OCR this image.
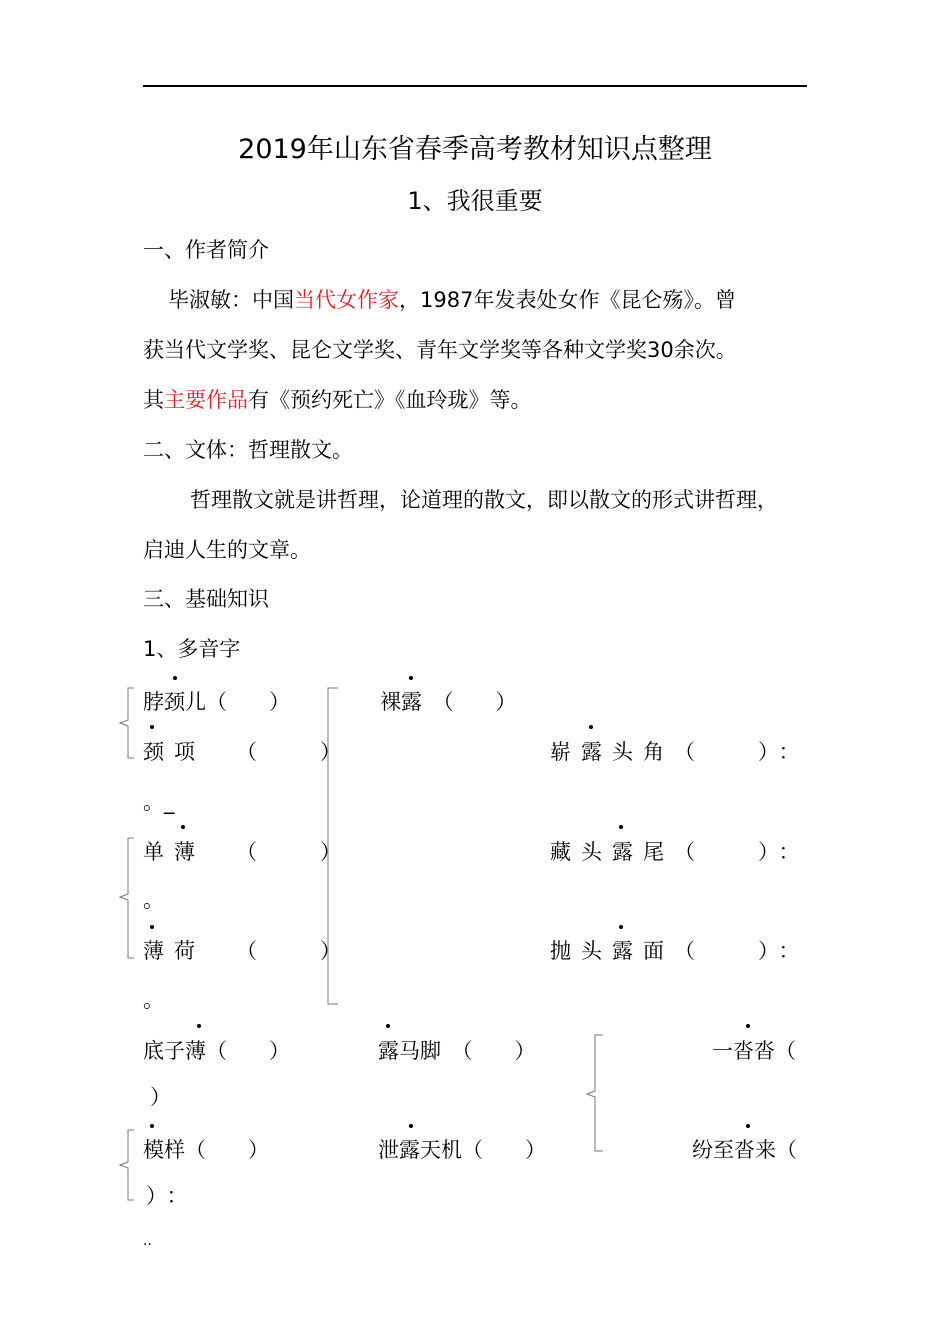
2019年山东省春季高考教材知识点整理
1、我很重要
一、作者简介
毕淑敏：中国当代女作家，1987年发表处女作《昆仑殇》。曾
获当代文学奖、昆仑文学奖、青年文学奖等各种文学奖30余次。
其主要作品有《预约死亡》《血玲珑》等。
二、文体：哲理散文。
哲理散文就是讲哲理，论道理的散文，即以散文的形式讲哲理，
启迪人生的文章。
三、基础知识
1、多音字
脖颈儿（　　）	裸露　（　　）
颈项 （	）	崭露头角 （	）：
。_
单薄 （	）	藏头露尾 （	）：
。
薄荷 （	）	抛头露面 （	）：
。
底子薄（　　）	露马脚　（　　）	一沓沓（
）
模样（　　）	泄露天机（　　）	纷至沓来（
）：
..
